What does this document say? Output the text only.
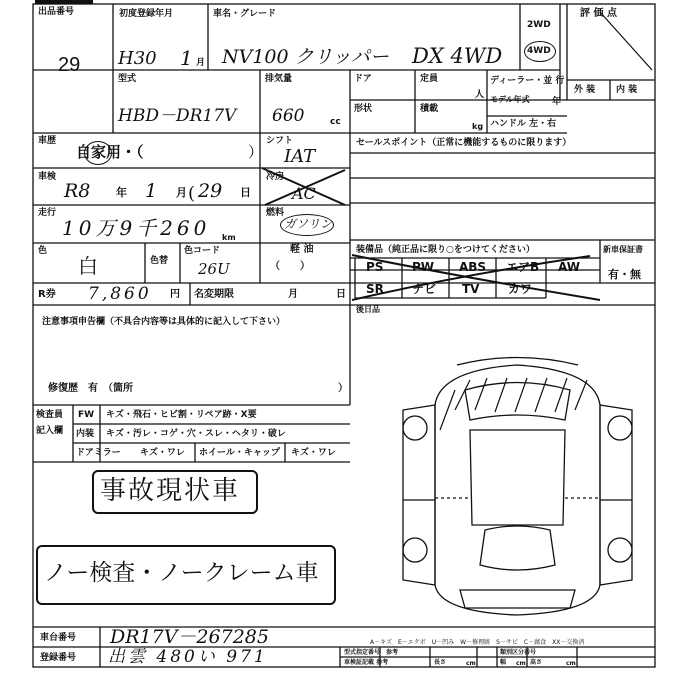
出品番号
29
初度登録年月
H30 1 月
車名・グレード
NV100 クリッパー DX 4WD
2WD
4WD
評 価 点
型式
HBD－DR17V
排気量
660	cc
ドア
形状
定員
人
積載
kg
ディーラー・並 行
モデル年式 年
ハンドル 左・右
外 装 内 装
車歴
自家用・（	）
シフト
IAT
セールスポイント（正常に機能するものに限ります）
車検
R8 年 1 月 ( 29 日
冷房
AC
走行
10万9千260 km
燃料
ガソリン
軽 油
（　　）
色
白	色替
色コード
26U
装備品（純正品に限り○をつけてください）
PS PW ABS エアB AW
SR ナビ TV カワ
新車保証書
有・無
後日品
R券 7,860 円 名変期限	月	日
注意事項申告欄（不具合内容等は具体的に記入して下さい）
修復歴　有　（箇所	）
検査員
記入欄
FW キズ・飛石・ヒビ割・リペア跡・X要
内装 キズ・汚レ・コゲ・穴・スレ・ヘタリ・破レ
ドアミラー キズ・ワレ ホイール・キャップ キズ・ワレ
事故現状車
ノー検査・ノークレーム車
車台番号 DR17V－267285
登録番号 出雲 480い 971
A－キズ　E－エクボ　U－凹み　W－修理跡　S－サビ　C－腐食　XX－交換済
型式指定番号 参考	類別区分番号
車検証記載 参考	長さ	cm	幅 cm 高さ	cm
